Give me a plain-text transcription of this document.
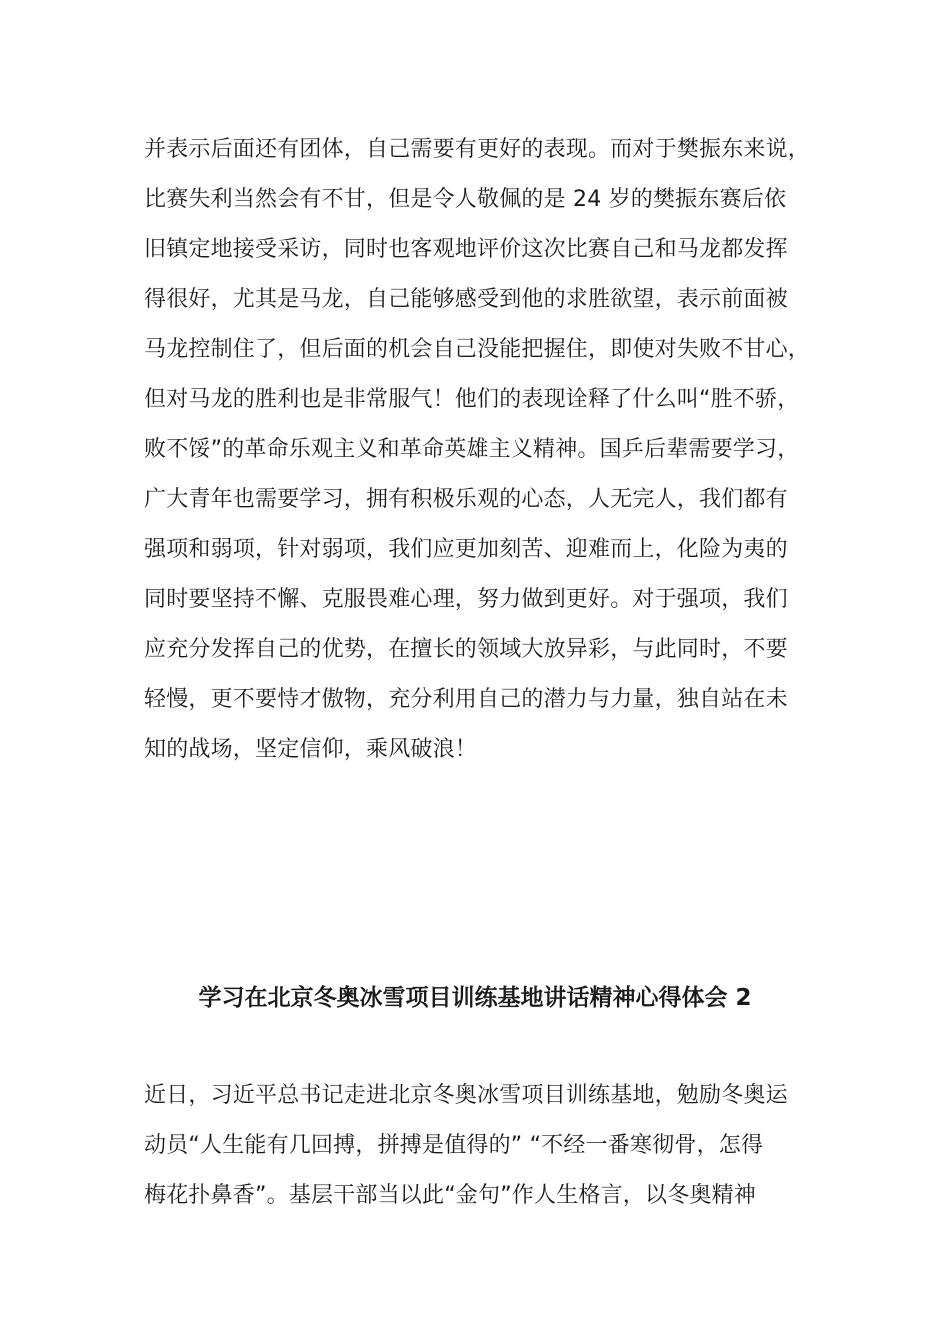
并表示后面还有团体，自己需要有更好的表现。而对于樊振东来说，
比赛失利当然会有不甘，但是令人敬佩的是 24 岁的樊振东赛后依
旧镇定地接受采访，同时也客观地评价这次比赛自己和马龙都发挥
得很好，尤其是马龙，自己能够感受到他的求胜欲望，表示前面被
马龙控制住了，但后面的机会自己没能把握住，即使对失败不甘心，
但对马龙的胜利也是非常服气！他们的表现诠释了什么叫“胜不骄，
败不馁”的革命乐观主义和革命英雄主义精神。国乒后辈需要学习，
广大青年也需要学习，拥有积极乐观的心态，人无完人，我们都有
强项和弱项，针对弱项，我们应更加刻苦、迎难而上，化险为夷的
同时要坚持不懈、克服畏难心理，努力做到更好。对于强项，我们
应充分发挥自己的优势，在擅长的领域大放异彩，与此同时，不要
轻慢，更不要恃才傲物，充分利用自己的潜力与力量，独自站在未
知的战场，坚定信仰，乘风破浪！
学习在北京冬奥冰雪项目训练基地讲话精神心得体会 2
近日，习近平总书记走进北京冬奥冰雪项目训练基地，勉励冬奥运
动员“人生能有几回搏，拼搏是值得的” “不经一番寒彻骨，怎得
梅花扑鼻香”。基层干部当以此“金句”作人生格言，以冬奥精神
